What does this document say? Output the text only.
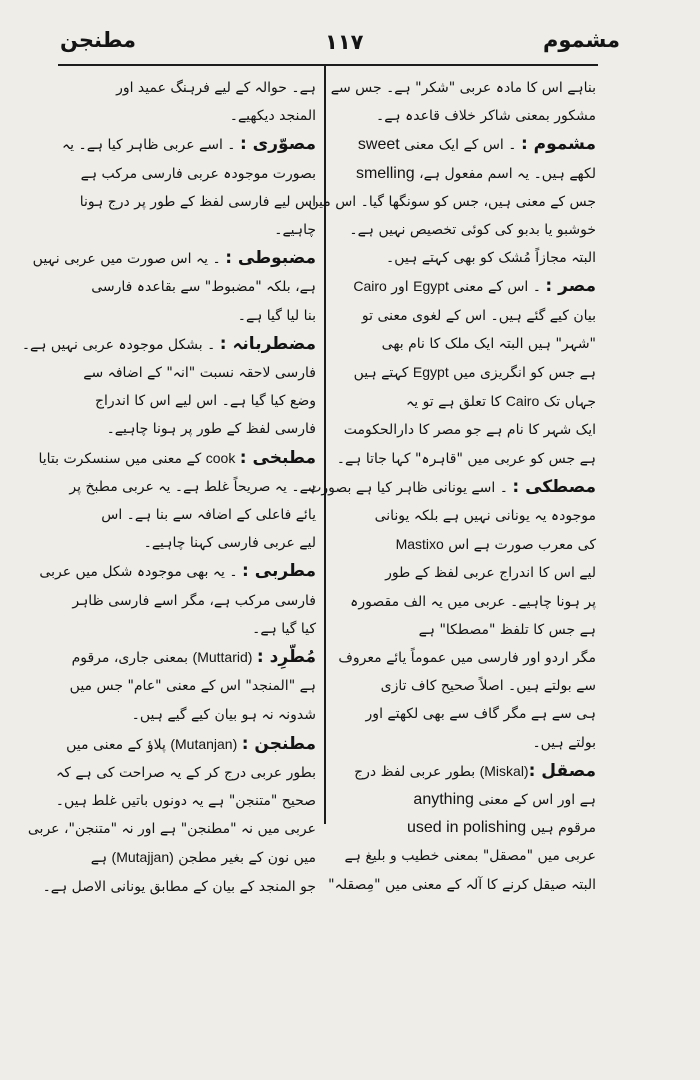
مشموم
۱۱۷
مطنجن

بناہے اس کا مادہ عربی "شکر" ہے۔ جس سے

مشکور بمعنی شاکر خلاف قاعدہ ہے۔

مشموم : ۔ اس کے ایک معنی sweet

لکھے ہیں۔ یہ اسم مفعول ہے، smelling

جس کے معنی ہیں، جس کو سونگھا گیا۔ اس میں

خوشبو یا بدبو کی کوئی تخصیص نہیں ہے۔

البتہ مجازاً مُشک کو بھی کہتے ہیں۔

مصر : ۔ اس کے معنی Egypt اور Cairo

بیان کیے گئے ہیں۔ اس کے لغوی معنی تو

"شہر" ہیں البتہ ایک ملک کا نام بھی

ہے جس کو انگریزی میں Egypt کہتے ہیں

جہاں تک Cairo کا تعلق ہے تو یہ

ایک شہر کا نام ہے جو مصر کا دارالحکومت

ہے جس کو عربی میں "قاہرہ" کہا جاتا ہے۔

مصطکی : ۔ اسے یونانی ظاہر کیا ہے بصورت

موجودہ یہ یونانی نہیں ہے بلکہ یونانی

کی معرب صورت ہے اس Mastixo

لیے اس کا اندراج عربی لفظ کے طور

پر ہونا چاہیے۔ عربی میں یہ الف مقصورہ

ہے جس کا تلفظ "مصطکا" ہے

مگر اردو اور فارسی میں عموماً یائے معروف

سے بولتے ہیں۔ اصلاً صحیح کاف تازی

ہی سے ہے مگر گاف سے بھی لکھتے اور

بولتے ہیں۔

مصقل :(Miskal) بطور عربی لفظ درج

ہے اور اس کے معنی anything

مرقوم ہیں used in polishing

عربی میں "مصقل" بمعنی خطیب و بلیغ ہے

البتہ صیقل کرنے کا آلہ کے معنی میں "مِصقلہ"

ہے۔ حوالہ کے لیے فرہنگ عمید اور

المنجد دیکھیے۔

مصوّری : ۔ اسے عربی ظاہر کیا ہے۔ یہ

بصورت موجودہ عربی فارسی مرکب ہے

اس لیے فارسی لفظ کے طور پر درج ہونا

چاہیے۔

مضبوطی : ۔ یہ اس صورت میں عربی نہیں

ہے، بلکہ "مضبوط" سے بقاعدہ فارسی

بنا لیا گیا ہے۔

مضطربانہ : ۔ بشکل موجودہ عربی نہیں ہے۔

فارسی لاحقہ نسبت "انہ" کے اضافہ سے

وضع کیا گیا ہے۔ اس لیے اس کا اندراج

فارسی لفظ کے طور پر ہونا چاہیے۔

مطبخی : cook کے معنی میں سنسکرت بتایا

ہے۔ یہ صریحاً غلط ہے۔ یہ عربی مطبخ پر

یائے فاعلی کے اضافہ سے بنا ہے۔ اس

لیے عربی فارسی کہنا چاہیے۔

مطربی : ۔ یہ بھی موجودہ شکل میں عربی

فارسی مرکب ہے، مگر اسے فارسی ظاہر

کیا گیا ہے۔

مُطّرِد : (Muttarid) بمعنی جاری، مرقوم

ہے "المنجد" اس کے معنی "عام" جس میں

شدونہ نہ ہو بیان کیے گیے ہیں۔

مطنجن : (Mutanjan) پلاؤ کے معنی میں

بطور عربی درج کر کے یہ صراحت کی ہے کہ

صحیح "متنجن" ہے یہ دونوں باتیں غلط ہیں۔

عربی میں نہ "مطنجن" ہے اور نہ "متنجن"، عربی

میں نون کے بغیر مطجن (Mutajjan) ہے

جو المنجد کے بیان کے مطابق یونانی الاصل ہے۔
